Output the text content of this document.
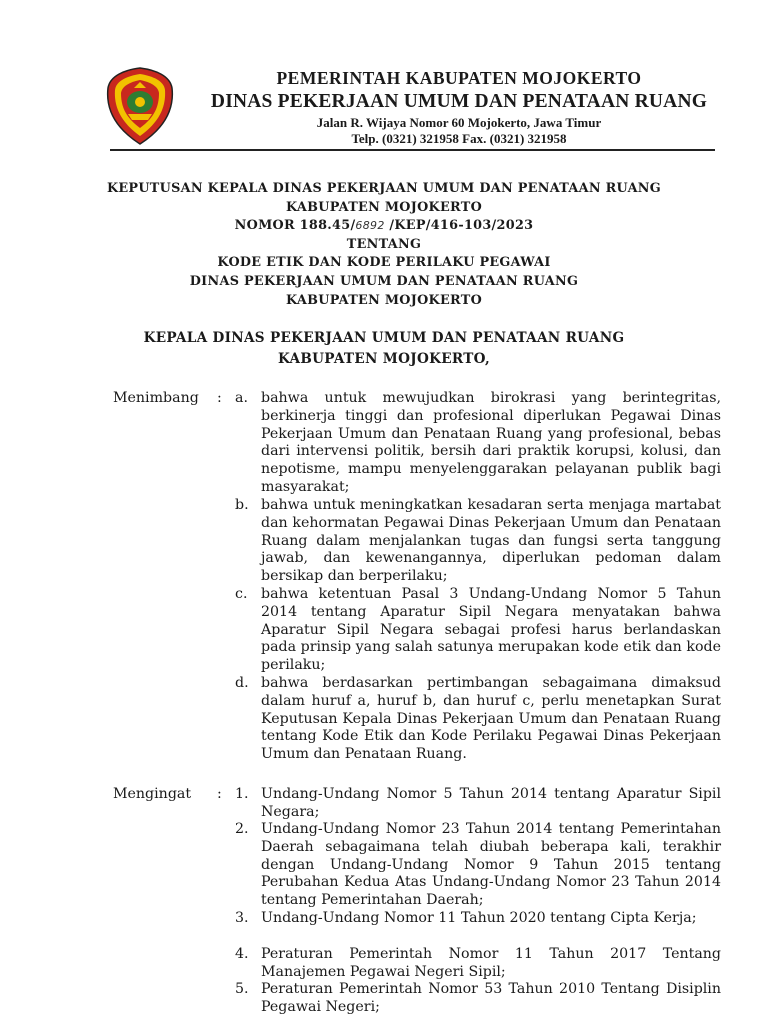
PEMERINTAH KABUPATEN MOJOKERTO
DINAS PEKERJAAN UMUM DAN PENATAAN RUANG
Jalan R. Wijaya Nomor 60 Mojokerto, Jawa Timur
Telp. (0321) 321958 Fax. (0321) 321958
KEPUTUSAN KEPALA DINAS PEKERJAAN UMUM DAN PENATAAN RUANG
KABUPATEN MOJOKERTO
NOMOR 188.45/6892 /KEP/416-103/2023
TENTANG
KODE ETIK DAN KODE PERILAKU PEGAWAI
DINAS PEKERJAAN UMUM DAN PENATAAN RUANG
KABUPATEN MOJOKERTO
KEPALA DINAS PEKERJAAN UMUM DAN PENATAAN RUANG
KABUPATEN MOJOKERTO,
Menimbang : a. bahwa untuk mewujudkan birokrasi yang berintegritas, berkinerja tinggi dan profesional diperlukan Pegawai Dinas Pekerjaan Umum dan Penataan Ruang yang profesional, bebas dari intervensi politik, bersih dari praktik korupsi, kolusi, dan nepotisme, mampu menyelenggarakan pelayanan publik bagi masyarakat;
b. bahwa untuk meningkatkan kesadaran serta menjaga martabat dan kehormatan Pegawai Dinas Pekerjaan Umum dan Penataan Ruang dalam menjalankan tugas dan fungsi serta tanggung jawab, dan kewenangannya, diperlukan pedoman dalam bersikap dan berperilaku;
c. bahwa ketentuan Pasal 3 Undang-Undang Nomor 5 Tahun 2014 tentang Aparatur Sipil Negara menyatakan bahwa Aparatur Sipil Negara sebagai profesi harus berlandaskan pada prinsip yang salah satunya merupakan kode etik dan kode perilaku;
d. bahwa berdasarkan pertimbangan sebagaimana dimaksud dalam huruf a, huruf b, dan huruf c, perlu menetapkan Surat Keputusan Kepala Dinas Pekerjaan Umum dan Penataan Ruang tentang Kode Etik dan Kode Perilaku Pegawai Dinas Pekerjaan Umum dan Penataan Ruang.
Mengingat : 1. Undang-Undang Nomor 5 Tahun 2014 tentang Aparatur Sipil Negara;
2. Undang-Undang Nomor 23 Tahun 2014 tentang Pemerintahan Daerah sebagaimana telah diubah beberapa kali, terakhir dengan Undang-Undang Nomor 9 Tahun 2015 tentang Perubahan Kedua Atas Undang-Undang Nomor 23 Tahun 2014 tentang Pemerintahan Daerah;
3. Undang-Undang Nomor 11 Tahun 2020 tentang Cipta Kerja;
4. Peraturan Pemerintah Nomor 11 Tahun 2017 Tentang Manajemen Pegawai Negeri Sipil;
5. Peraturan Pemerintah Nomor 53 Tahun 2010 Tentang Disiplin Pegawai Negeri;
